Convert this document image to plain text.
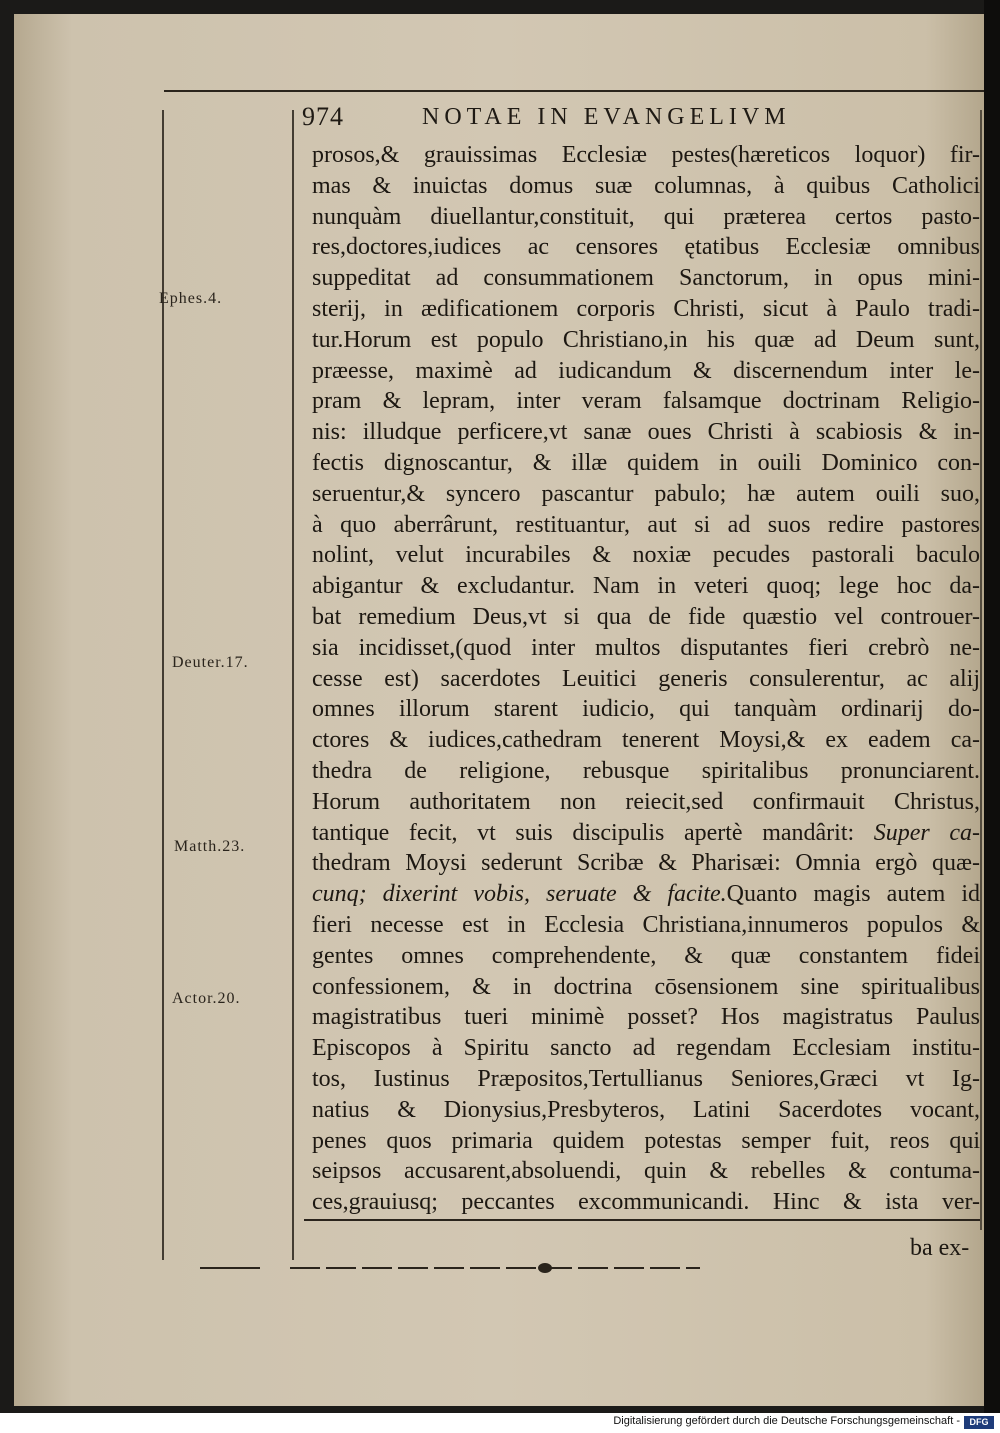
974	NOTAE IN EVANGELIVM
Ephes.4.
Deuter.17.
Matth.23.
Actor.20.
prosos,& grauissimas Ecclesiæ pestes(hæreticos loquor) fir-
mas & inuictas domus suæ columnas, à quibus Catholici
nunquàm diuellantur,constituit, qui præterea certos pasto-
res,doctores,iudices ac censores ętatibus Ecclesiæ omnibus
suppeditat ad consummationem Sanctorum, in opus mini-
sterij, in ædificationem corporis Christi, sicut à Paulo tradi-
tur.Horum est populo Christiano,in his quæ ad Deum sunt,
præesse, maximè ad iudicandum & discernendum inter le-
pram & lepram, inter veram falsamque doctrinam Religio-
nis: illudque perficere,vt sanæ oues Christi à scabiosis & in-
fectis dignoscantur, & illæ quidem in ouili Dominico con-
seruentur,& syncero pascantur pabulo; hæ autem ouili suo,
à quo aberrârunt, restituantur, aut si ad suos redire pastores
nolint, velut incurabiles & noxiæ pecudes pastorali baculo
abigantur & excludantur. Nam in veteri quoq; lege hoc da-
bat remedium Deus,vt si qua de fide quæstio vel controuer-
sia incidisset,(quod inter multos disputantes fieri crebrò ne-
cesse est) sacerdotes Leuitici generis consulerentur, ac alij
omnes illorum starent iudicio, qui tanquàm ordinarij do-
ctores & iudices,cathedram tenerent Moysi,& ex eadem ca-
thedra de religione, rebusque spiritalibus pronunciarent.
Horum authoritatem non reiecit,sed confirmauit Christus,
tantique fecit, vt suis discipulis apertè mandârit: Super ca-
thedram Moysi sederunt Scribæ & Pharisæi: Omnia ergò quæ-
cunq; dixerint vobis, seruate & facite.Quanto magis autem id
fieri necesse est in Ecclesia Christiana,innumeros populos &
gentes omnes comprehendente, & quæ constantem fidei
confessionem, & in doctrina cōsensionem sine spiritualibus
magistratibus tueri minimè posset? Hos magistratus Paulus
Episcopos à Spiritu sancto ad regendam Ecclesiam institu-
tos, Iustinus Præpositos,Tertullianus Seniores,Græci vt Ig-
natius & Dionysius,Presbyteros, Latini Sacerdotes vocant,
penes quos primaria quidem potestas semper fuit, reos qui
seipsos accusarent,absoluendi, quin & rebelles & contuma-
ces,grauiusq; peccantes excommunicandi. Hinc & ista ver-
ba ex-
Digitalisierung gefördert durch die Deutsche Forschungsgemeinschaft -	DFG
